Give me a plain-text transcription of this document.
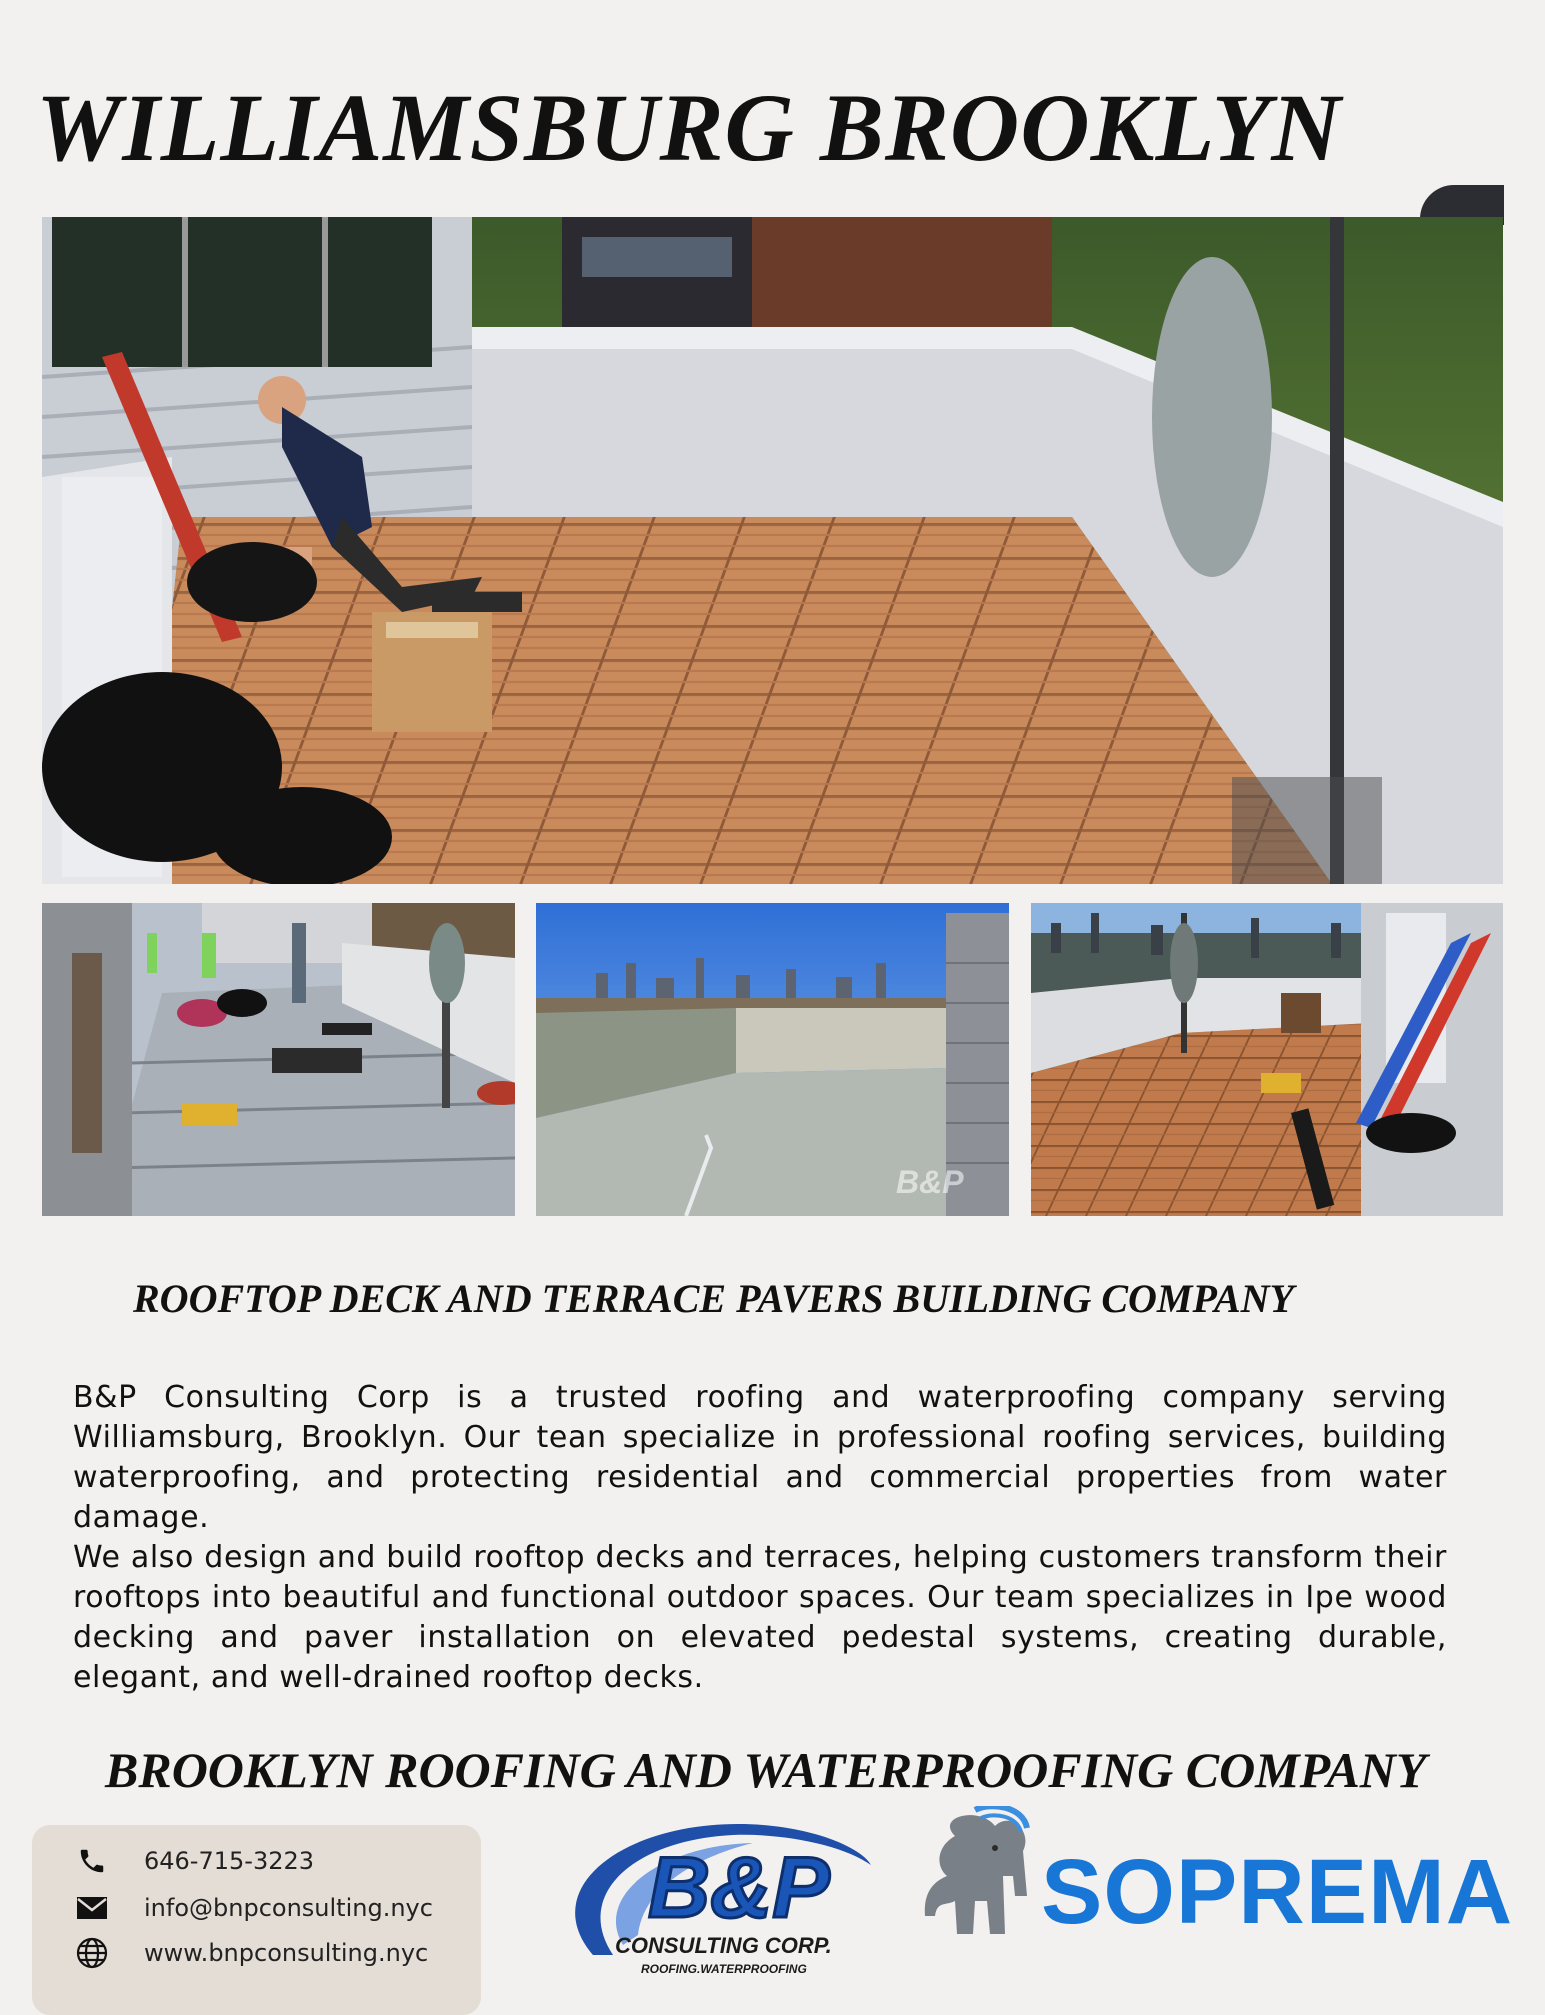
WILLIAMSBURG BROOKLYN
B&P
ROOFTOP DECK AND TERRACE PAVERS BUILDING COMPANY

B&P Consulting Corp is a trusted roofing and waterproofing company serving Williamsburg, Brooklyn. Our tean specialize in professional roofing services, building waterproofing, and protecting residential and commercial properties from water damage.

We also design and build rooftop decks and terraces, helping customers transform their rooftops into beautiful and functional outdoor spaces. Our team specializes in Ipe wood decking and paver installation on elevated pedestal systems, creating durable, elegant, and well-drained rooftop decks.

BROOKLYN ROOFING AND WATERPROOFING COMPANY
646-715-3223
info@bnpconsulting.nyc
www.bnpconsulting.nyc
B&P
CONSULTING CORP.
ROOFING.WATERPROOFING
SOPREMA
